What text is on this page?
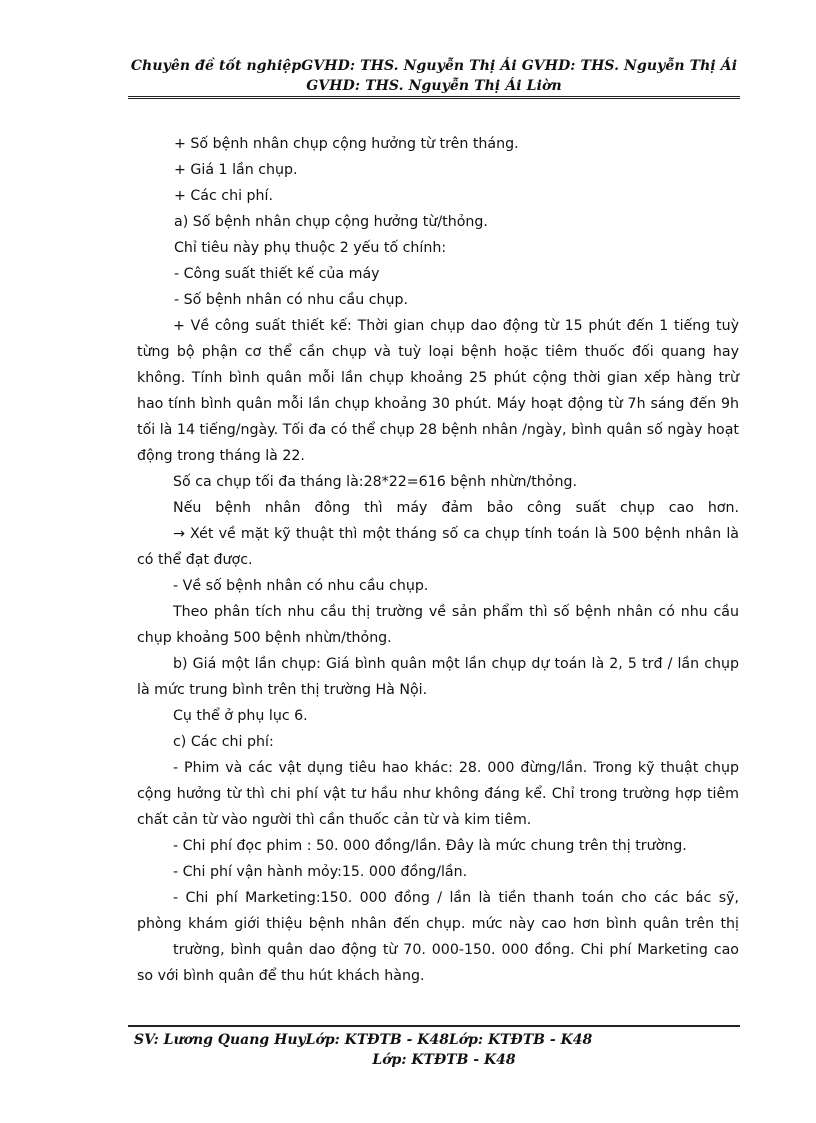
Chuyên đề tốt nghiệpGVHD: THS. Nguyễn Thị Ái GVHD: THS. Nguyễn Thị Ái
GVHD: THS. Nguyễn Thị Ái Liờn
+ Số bệnh nhân chụp cộng hưởng từ trên tháng.
+ Giá 1 lần chụp.
+ Các chi phí.
a) Số bệnh nhân chụp cộng hưởng từ/thỏng.
Chỉ tiêu này phụ thuộc 2 yếu tố chính:
- Công suất thiết kế của máy
- Số bệnh nhân có nhu cầu chụp.
+ Về công suất thiết kế: Thời gian chụp dao động từ 15 phút đến 1 tiếng tuỳ
từng bộ phận cơ thể cần chụp và tuỳ loại bệnh hoặc tiêm thuốc đối quang hay
không. Tính bình quân mỗi lần chụp khoảng 25 phút cộng thời gian xếp hàng trừ
hao tính bình quân mỗi lần chụp khoảng 30 phút. Máy hoạt động từ 7h sáng đến 9h
tối là 14 tiếng/ngày. Tối đa có thể chụp 28 bệnh nhân /ngày, bình quân số ngày hoạt
động trong tháng là 22.
Số ca chụp tối đa tháng là:28*22=616 bệnh nhừn/thỏng.
Nếu bệnh nhân đông thì máy đảm bảo công suất chụp cao hơn.
→ Xét về mặt kỹ thuật thì một tháng số ca chụp tính toán là 500 bệnh nhân là
có thể đạt được.
- Về số bệnh nhân có nhu cầu chụp.
Theo phân tích nhu cầu thị trường về sản phẩm thì số bệnh nhân có nhu cầu
chụp khoảng 500 bệnh nhừn/thỏng.
b) Giá một lần chụp: Giá bình quân một lần chụp dự toán là 2, 5 trđ / lần chụp
là mức trung bình trên thị trường Hà Nội.
Cụ thể ở phụ lục 6.
c) Các chi phí:
- Phim và các vật dụng tiêu hao khác: 28. 000 đừng/lần. Trong kỹ thuật chụp
cộng hưởng từ thì chi phí vật tư hầu như không đáng kể. Chỉ trong trường hợp tiêm
chất cản từ vào người thì cần thuốc cản từ và kim tiêm.
- Chi phí đọc phim : 50. 000 đồng/lần. Đây là mức chung trên thị trường.
- Chi phí vận hành mỏy:15. 000 đồng/lần.
- Chi phí Marketing:150. 000 đồng / lần là tiền thanh toán cho các bác sỹ,
phòng khám giới thiệu bệnh nhân đến chụp. mức này cao hơn bình quân trên thị
trường, bình quân dao động từ 70. 000-150. 000 đồng. Chi phí Marketing cao
so với bình quân để thu hút khách hàng.
SV: Lương Quang HuyLớp: KTĐTB - K48Lớp: KTĐTB - K48
Lớp: KTĐTB - K48
